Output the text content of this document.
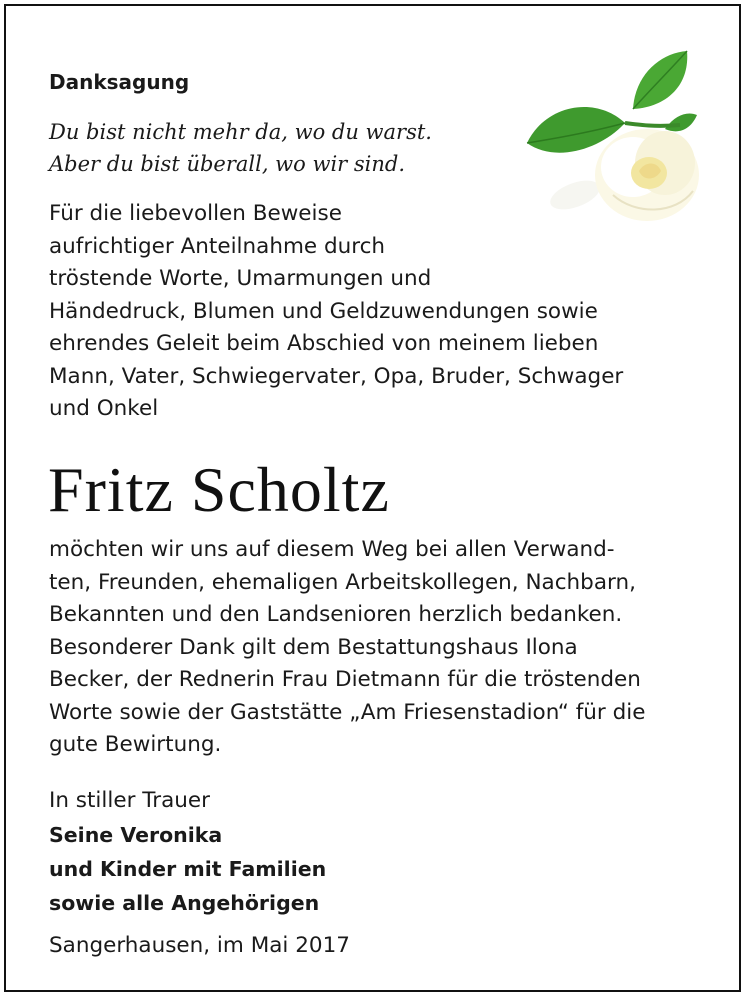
Danksagung
Du bist nicht mehr da, wo du warst.
Aber du bist überall, wo wir sind.
Für die liebevollen Beweise
aufrichtiger Anteilnahme durch
tröstende Worte, Umarmungen und
Händedruck, Blumen und Geldzuwendungen sowie
ehrendes Geleit beim Abschied von meinem lieben
Mann, Vater, Schwiegervater, Opa, Bruder, Schwager
und Onkel
Fritz Scholtz
möchten wir uns auf diesem Weg bei allen Verwand-
ten, Freunden, ehemaligen Arbeitskollegen, Nachbarn,
Bekannten und den Landsenioren herzlich bedanken.
Besonderer Dank gilt dem Bestattungshaus Ilona
Becker, der Rednerin Frau Dietmann für die tröstenden
Worte sowie der Gaststätte „Am Friesenstadion“ für die
gute Bewirtung.
In stiller Trauer
Seine Veronika
und Kinder mit Familien
sowie alle Angehörigen
Sangerhausen, im Mai 2017
